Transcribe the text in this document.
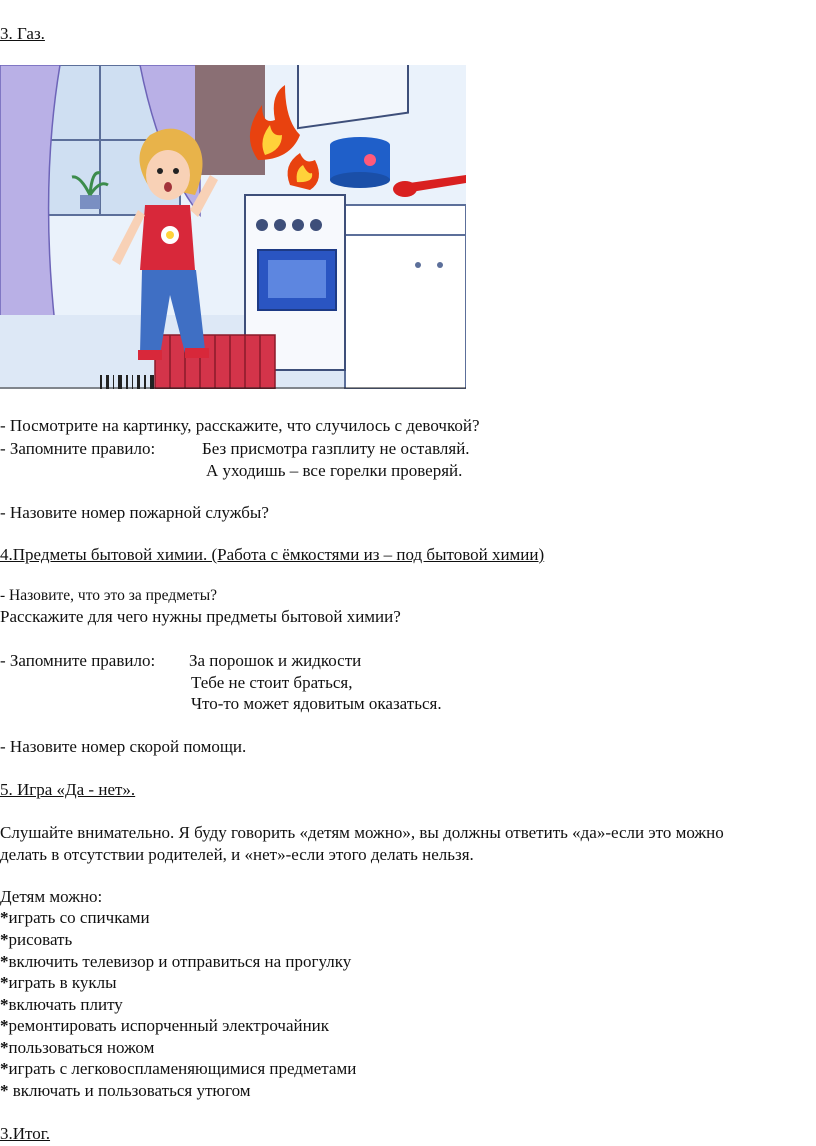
3. Газ.
- Посмотрите на картинку, расскажите, что случилось с девочкой?
- Запомните правило:	Без присмотра газплиту не оставляй.
А уходишь – все горелки проверяй.
- Назовите номер пожарной службы?
4.Предметы бытовой химии. (Работа с ёмкостями из – под бытовой химии)
- Назовите, что это за предметы?
Расскажите для чего нужны предметы бытовой химии?
- Запомните правило: За порошок и жидкости
Тебе не стоит браться,
Что-то может ядовитым оказаться.
- Назовите номер скорой помощи.
5. Игра «Да - нет».
Слушайте внимательно. Я буду говорить «детям можно», вы должны ответить «да»-если это можно
делать в отсутствии родителей, и «нет»-если этого делать нельзя.
Детям можно:
*играть со спичками
*рисовать
*включить телевизор и отправиться на прогулку
*играть в куклы
*включать плиту
*ремонтировать испорченный электрочайник
*пользоваться ножом
*играть с легковоспламеняющимися предметами
* включать и пользоваться утюгом
3.Итог.
